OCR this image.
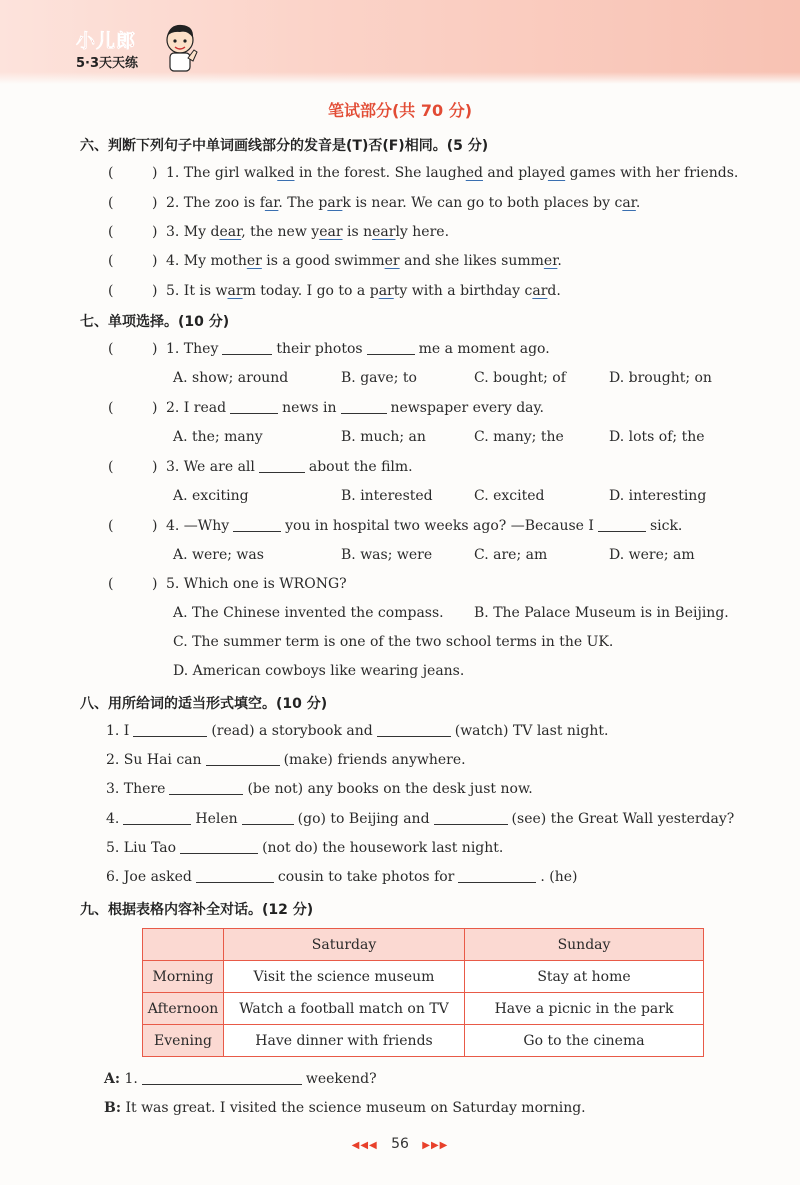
小儿郎
5·3天天练
笔试部分(共 70 分)
六、判断下列句子中单词画线部分的发音是(T)否(F)相同。(5 分)
(	) 1. The girl walked in the forest. She laughed and played games with her friends.
(	) 2. The zoo is far. The park is near. We can go to both places by car.
(	) 3. My dear, the new year is nearly here.
(	) 4. My mother is a good swimmer and she likes summer.
(	) 5. It is warm today. I go to a party with a birthday card.
七、单项选择。(10 分)
(	) 1. They	their photos	me a moment ago.
A. show; around	B. gave; to	C. bought; of	D. brought; on
(	) 2. I read	news in	newspaper every day.
A. the; many	B. much; an	C. many; the	D. lots of; the
(	) 3. We are all	about the film.
A. exciting	B. interested	C. excited	D. interesting
(	) 4. —Why	you in hospital two weeks ago? —Because I	sick.
A. were; was	B. was; were	C. are; am	D. were; am
(	) 5. Which one is WRONG?
A. The Chinese invented the compass. B. The Palace Museum is in Beijing.
C. The summer term is one of the two school terms in the UK.
D. American cowboys like wearing jeans.
八、用所给词的适当形式填空。(10 分)
1. I	(read) a storybook and	(watch) TV last night.
2. Su Hai can	(make) friends anywhere.
3. There	(be not) any books on the desk just now.
4.	Helen	(go) to Beijing and	(see) the Great Wall yesterday?
5. Liu Tao	(not do) the housework last night.
6. Joe asked	cousin to take photos for	. (he)
九、根据表格内容补全对话。(12 分)
	Saturday	Sunday
Morning	Visit the science museum	Stay at home
Afternoon	Watch a football match on TV	Have a picnic in the park
Evening	Have dinner with friends	Go to the cinema
A: 1.	weekend?
B: It was great. I visited the science museum on Saturday morning.
◀◀◀ 56 ▶▶▶
